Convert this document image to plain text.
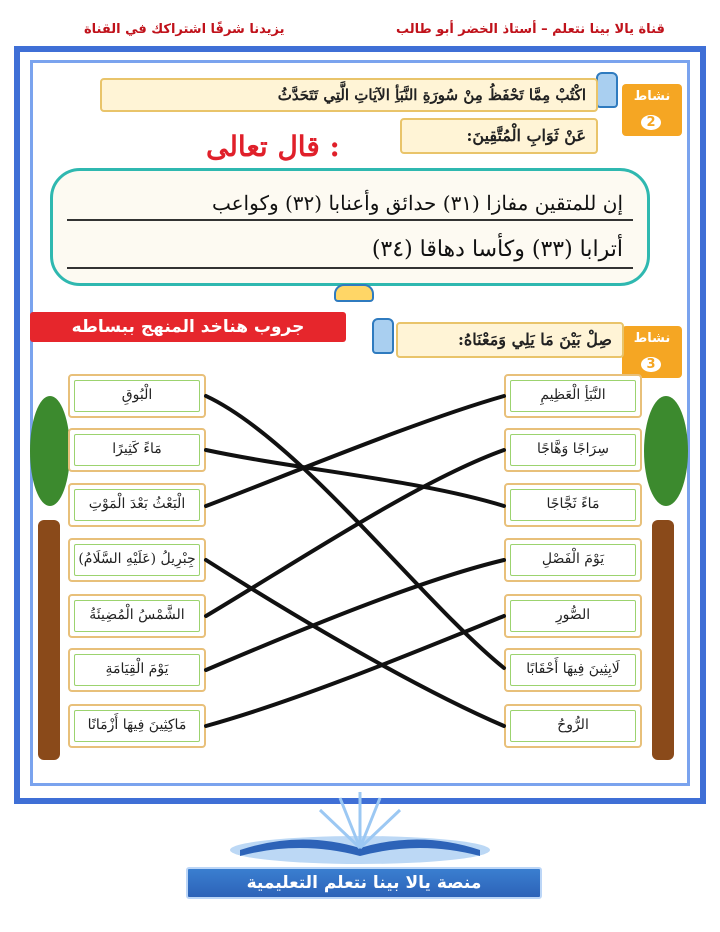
قناة يالا بينا نتعلم – أستاذ الخضر أبو طالب
يزيدنا شرفًا اشتراكك في القناة
نشاط 2
اكْتُبْ مِمَّا تَحْفَظُ مِنْ سُورَةِ النَّبَأِ الآيَاتِ الَّتِي تَتَحَدَّثُ
عَنْ ثَوَابِ الْمُتَّقِينَ:
قال تعالى :
إن للمتقين مفازا (٣١) حدائق وأعنابا (٣٢) وكواعب
أترابا (٣٣) وكأسا دهاقا (٣٤)
جروب هناخد المنهج ببساطه
نشاط 3
صِلْ بَيْنَ مَا يَلِي وَمَعْنَاهُ:
النَّبَأِ الْعَظِيمِ
سِرَاجًا وَهَّاجًا
مَاءً ثَجَّاجًا
يَوْمَ الْفَصْلِ
الصُّورِ
لَابِثِينَ فِيهَا أَحْقَابًا
الرُّوحُ
الْبُوقِ
مَاءً كَثِيرًا
الْبَعْثُ بَعْدَ الْمَوْتِ
جِبْرِيلُ (عَلَيْهِ السَّلَامُ)
الشَّمْسُ الْمُضِيئَةُ
يَوْمَ الْقِيَامَةِ
مَاكِثِينَ فِيهَا أَزْمَانًا
منصة يالا بينا نتعلم التعليمية
